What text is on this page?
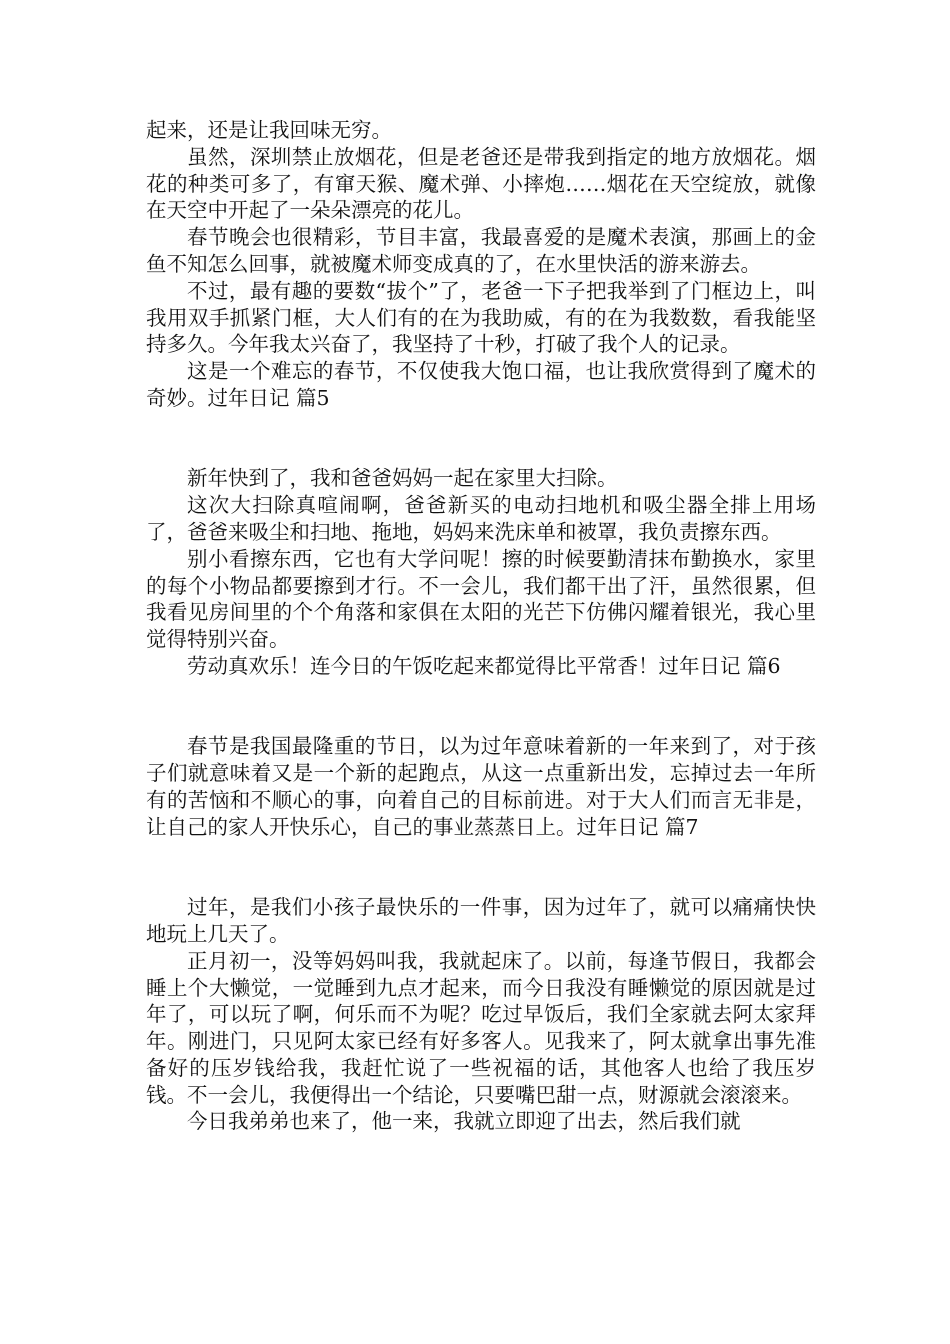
起来，还是让我回味无穷。

虽然，深圳禁止放烟花，但是老爸还是带我到指定的地方放烟花。烟花的种类可多了，有窜天猴、魔术弹、小摔炮……烟花在天空绽放，就像在天空中开起了一朵朵漂亮的花儿。

春节晚会也很精彩，节目丰富，我最喜爱的是魔术表演，那画上的金鱼不知怎么回事，就被魔术师变成真的了，在水里快活的游来游去。

不过，最有趣的要数“拔个”了，老爸一下子把我举到了门框边上，叫我用双手抓紧门框，大人们有的在为我助威，有的在为我数数，看我能坚持多久。今年我太兴奋了，我坚持了十秒，打破了我个人的记录。

这是一个难忘的春节，不仅使我大饱口福，也让我欣赏得到了魔术的奇妙。过年日记 篇5

新年快到了，我和爸爸妈妈一起在家里大扫除。

这次大扫除真喧闹啊，爸爸新买的电动扫地机和吸尘器全排上用场了，爸爸来吸尘和扫地、拖地，妈妈来洗床单和被罩，我负责擦东西。

别小看擦东西，它也有大学问呢！擦的时候要勤清抹布勤换水，家里的每个小物品都要擦到才行。不一会儿，我们都干出了汗，虽然很累，但我看见房间里的个个角落和家俱在太阳的光芒下仿佛闪耀着银光，我心里觉得特别兴奋。

劳动真欢乐！连今日的午饭吃起来都觉得比平常香！过年日记 篇6

春节是我国最隆重的节日，以为过年意味着新的一年来到了，对于孩子们就意味着又是一个新的起跑点，从这一点重新出发，忘掉过去一年所有的苦恼和不顺心的事，向着自己的目标前进。对于大人们而言无非是，让自己的家人开快乐心，自己的事业蒸蒸日上。过年日记 篇7

过年，是我们小孩子最快乐的一件事，因为过年了，就可以痛痛快快地玩上几天了。

正月初一，没等妈妈叫我，我就起床了。以前，每逢节假日，我都会睡上个大懒觉，一觉睡到九点才起来，而今日我没有睡懒觉的原因就是过年了，可以玩了啊，何乐而不为呢？吃过早饭后，我们全家就去阿太家拜年。刚进门，只见阿太家已经有好多客人。见我来了，阿太就拿出事先准备好的压岁钱给我，我赶忙说了一些祝福的话，其他客人也给了我压岁钱。不一会儿，我便得出一个结论，只要嘴巴甜一点，财源就会滚滚来。

今日我弟弟也来了，他一来，我就立即迎了出去，然后我们就
